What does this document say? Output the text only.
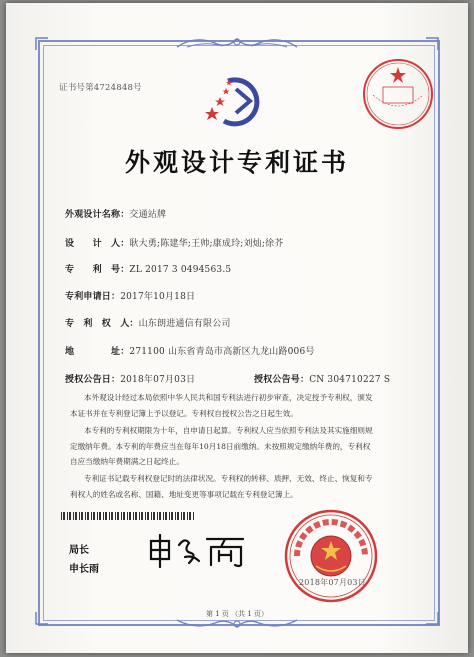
证书号第4724848号
外观设计专利证书
外观设计名称：交通站牌
设　　计　人：耿大勇;陈建华;王帅;康成玲;刘灿;徐芥
专　　利　号：ZL 2017 3 0494563.5
专利申请日：2017年10月18日
专　利　权　人：山东朗进通信有限公司
地　　　　址：271100 山东省青岛市高新区九龙山路006号
授权公告日：2018年07月03日	授权公告号：CN 304710227 S
本外观设计经过本局依照中华人民共和国专利法进行初步审查，决定授予专利权，颁发
本证书并在专利登记簿上予以登记。专利权自授权公告之日起生效。
本专利的专利权期限为十年，自申请日起算。专利权人应当依照专利法及其实施细则规
定缴纳年费。本专利的年费应当在每年10月18日前缴纳。未按照规定缴纳年费的，专利权
自应当缴纳年费期满之日起终止。
专利证书记载专利权登记时的法律状况。专利权的转移、质押、无效、终止、恢复和专
利权人的姓名或名称、国籍、地址变更等事项记载在专利登记簿上。
局长
申长雨
2018年07月03日
第 1 页 （共 1 页）
